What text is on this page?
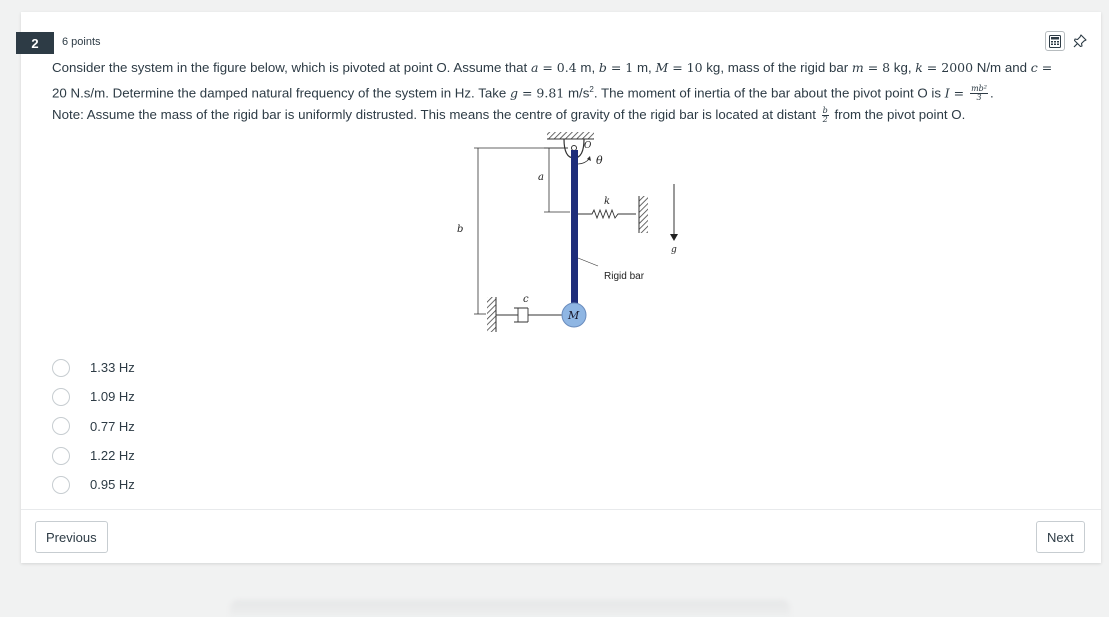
2	6 points

Consider the system in the figure below, which is pivoted at point O. Assume that a = 0.4 m, b = 1 m, M = 10 kg, mass of the rigid bar m = 8 kg, k = 2000 N/m and c =

20 N.s/m. Determine the damped natural frequency of the system in Hz. Take g = 9.81 $m/s^2$. The moment of inertia of the bar about the pivot point O is $I = \frac{\text{mb²}}{3}$ .

Note: Assume the mass of the rigid bar is uniformly distrusted. This means the centre of gravity of the rigid bar is located at distant $\frac{b}{2}$ from the pivot point O.

O
θ
a
b
k
g
Rigid bar
c
M
1.33 Hz
1.09 Hz
0.77 Hz
1.22 Hz
0.95 Hz
Previous	Next
